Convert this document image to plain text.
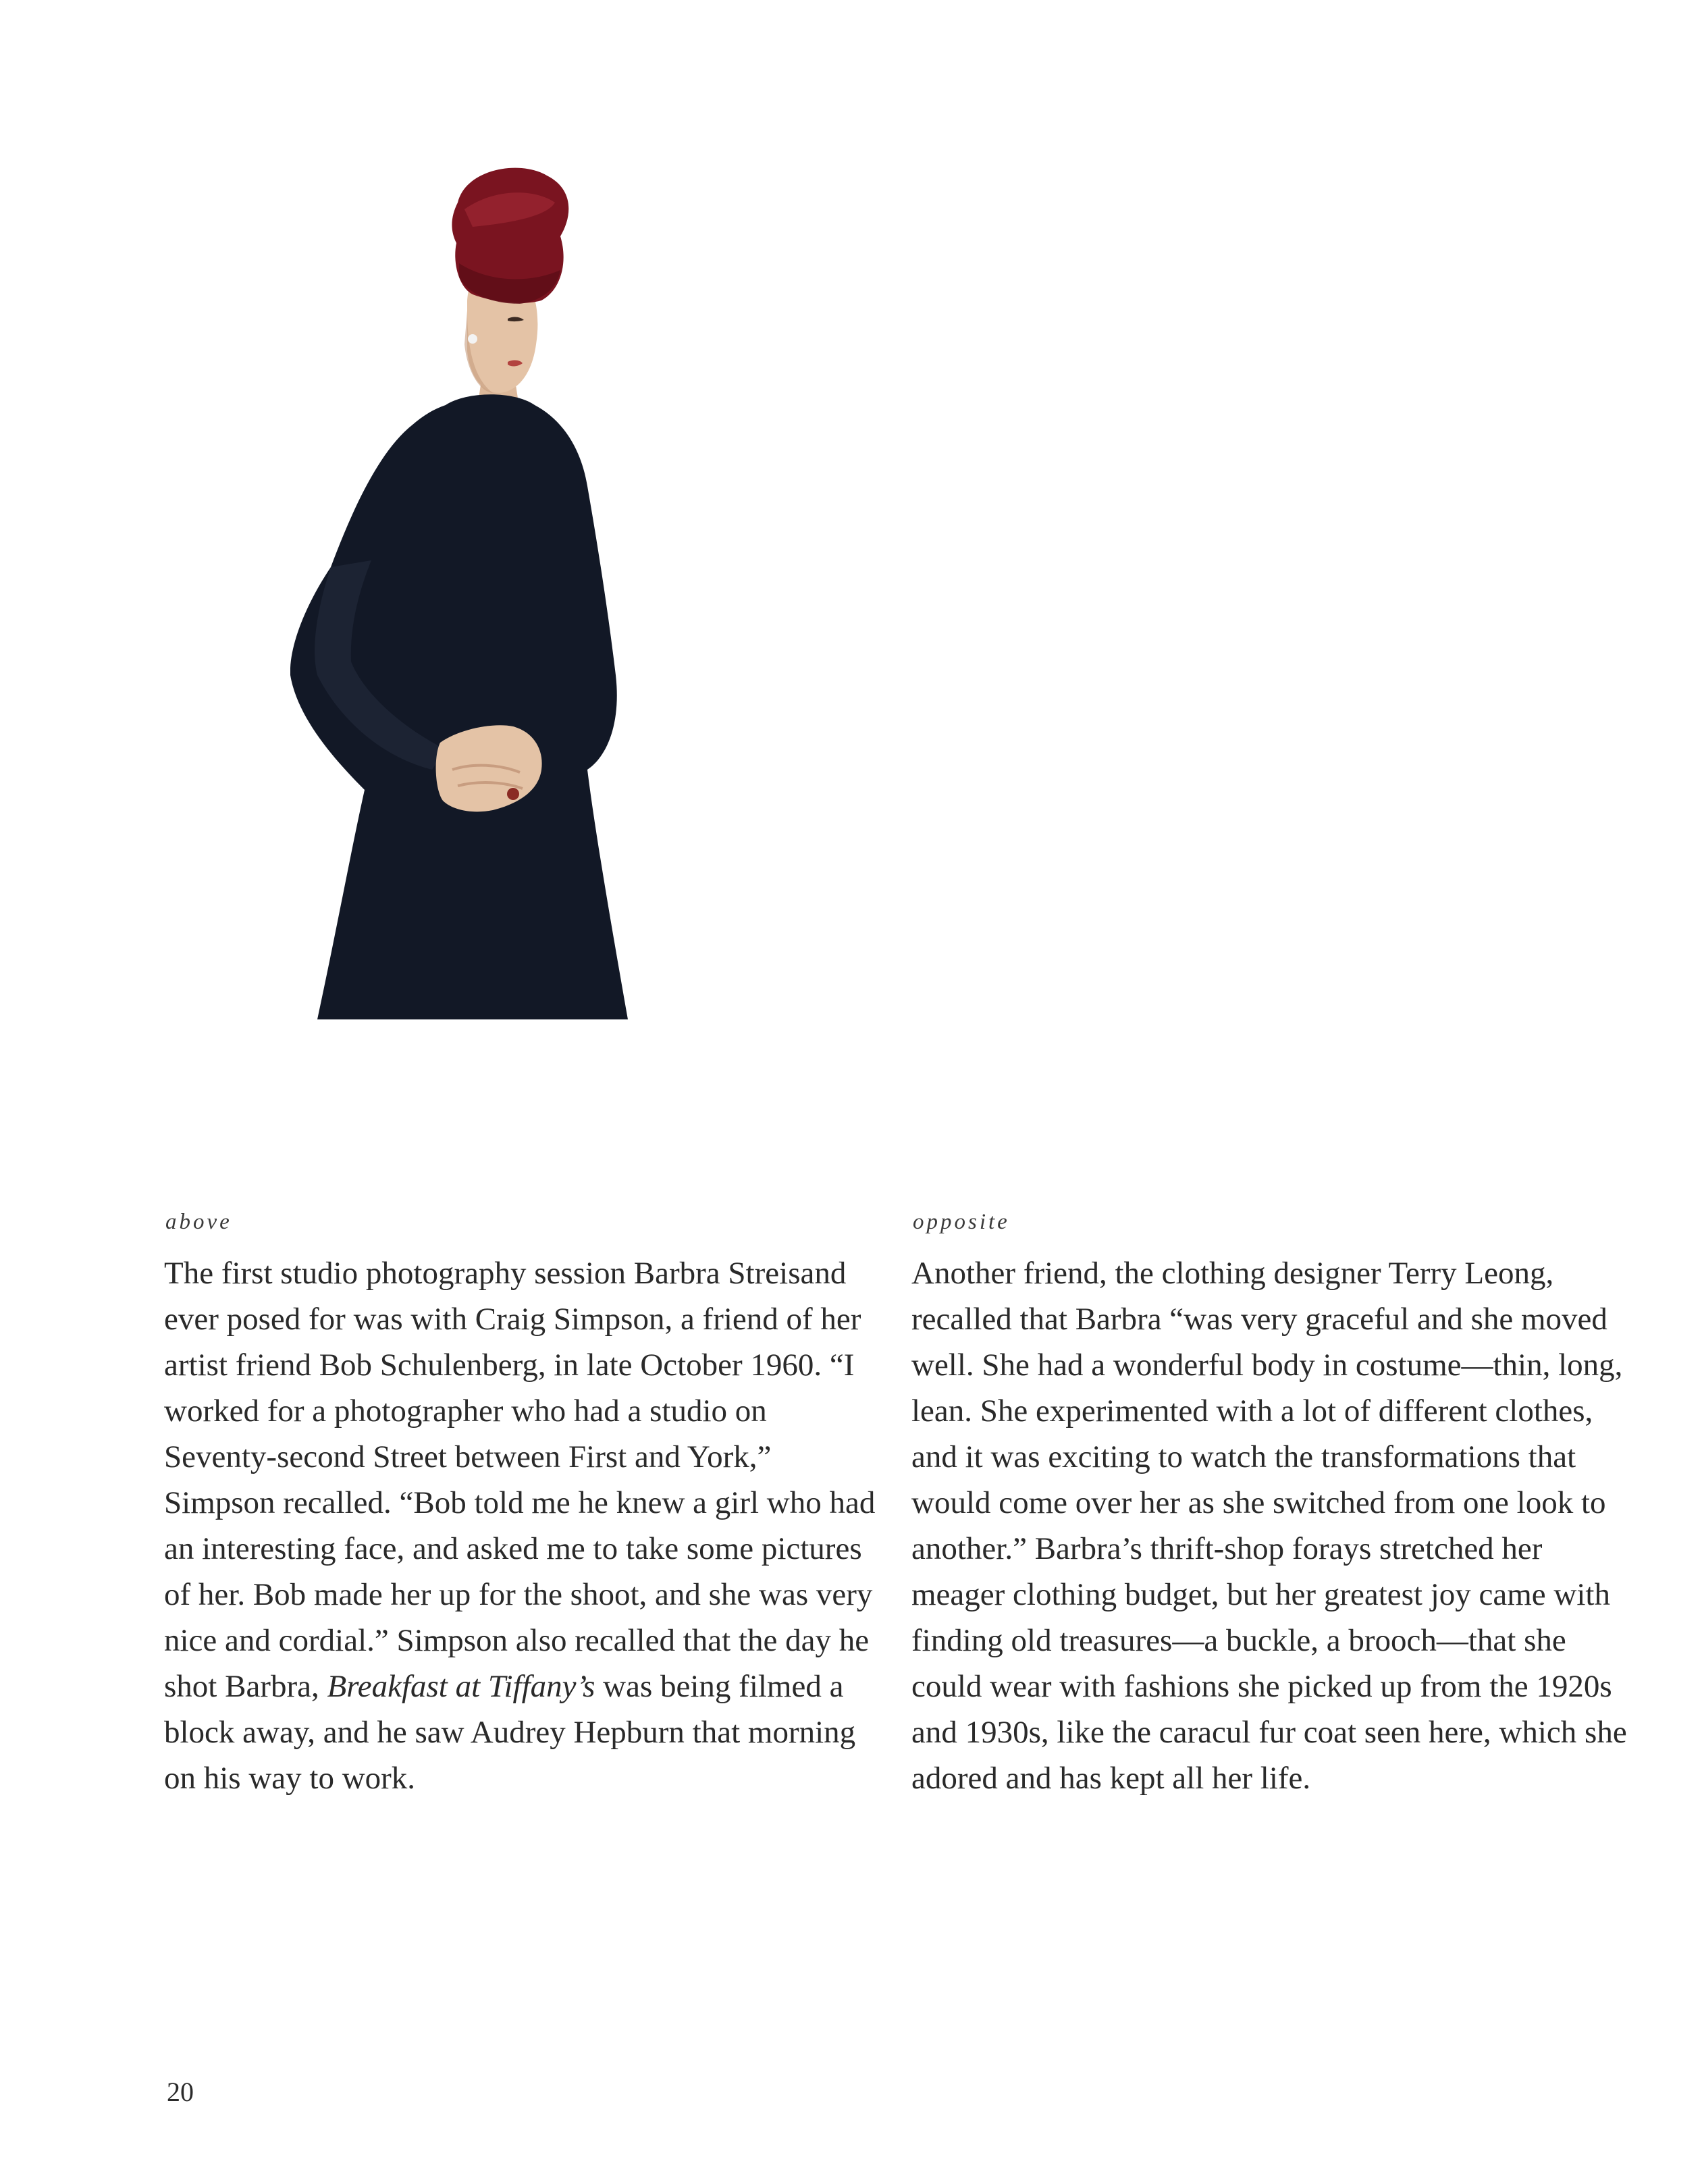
above

The first studio photography session Barbra Streisand ever posed for was with Craig Simpson, a friend of her artist friend Bob Schulenberg, in late October 1960. “I worked for a photographer who had a studio on Seventy-second Street between First and York,” Simpson recalled. “Bob told me he knew a girl who had an interesting face, and asked me to take some pictures of her. Bob made her up for the shoot, and she was very nice and cordial.” Simpson also recalled that the day he shot Barbra, Breakfast at Tiffany’s was being filmed a block away, and he saw Audrey Hepburn that morning on his way to work.

opposite

Another friend, the clothing designer Terry Leong, recalled that Barbra “was very graceful and she moved well. She had a wonderful body in costume—thin, long, lean. She experimented with a lot of different clothes, and it was exciting to watch the transformations that would come over her as she switched from one look to another.” Barbra’s thrift-shop forays stretched her meager clothing budget, but her greatest joy came with finding old treasures—a buckle, a brooch—that she could wear with fashions she picked up from the 1920s and 1930s, like the caracul fur coat seen here, which she adored and has kept all her life.

20
